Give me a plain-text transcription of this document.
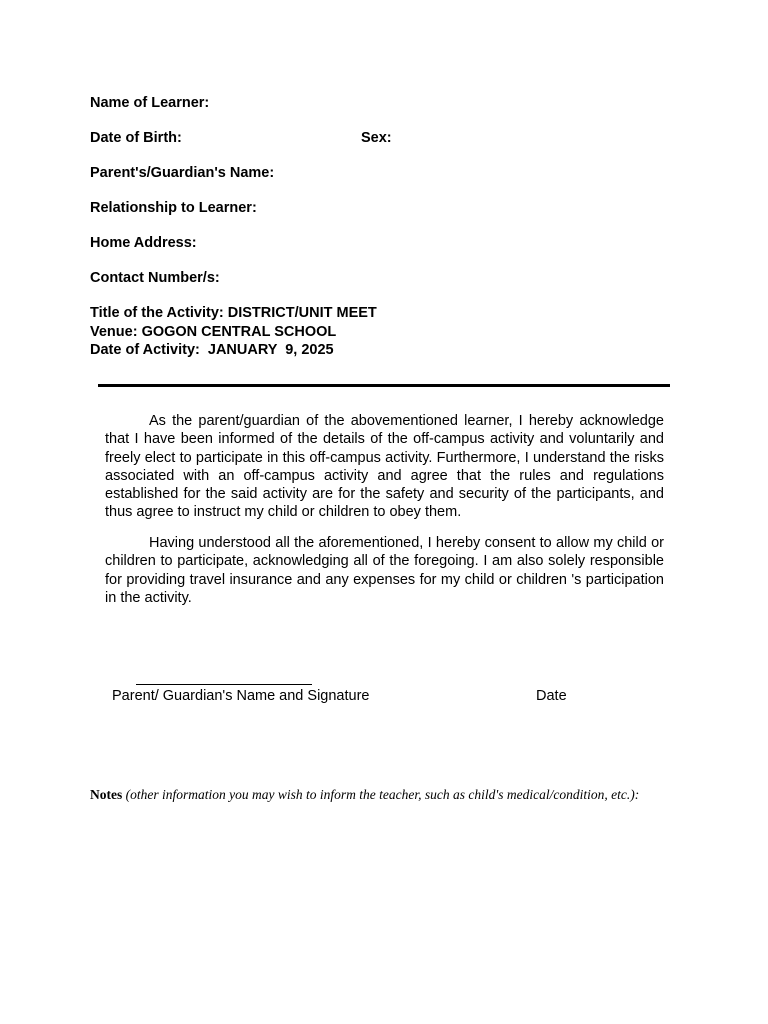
Name of Learner:
Date of Birth:	Sex:
Parent's/Guardian's Name:
Relationship to Learner:
Home Address:
Contact Number/s:
Title of the Activity: DISTRICT/UNIT MEET
Venue: GOGON CENTRAL SCHOOL
Date of Activity:  JANUARY  9, 2025

As the parent/guardian of the abovementioned learner, I hereby acknowledge that I have been informed of the details of the off-campus activity and voluntarily and freely elect to participate in this off-campus activity. Furthermore, I understand the risks associated with an off-campus activity and agree that the rules and regulations established for the said activity are for the safety and security of the participants, and thus agree to instruct my child or children to obey them.

Having understood all the aforementioned, I hereby consent to allow my child or children to participate, acknowledging all of the foregoing. I am also solely responsible for providing travel insurance and any expenses for my child or children 's participation in the activity.

Parent/ Guardian's Name and Signature	Date
Notes (other information you may wish to inform the teacher, such as child's medical/condition, etc.):
